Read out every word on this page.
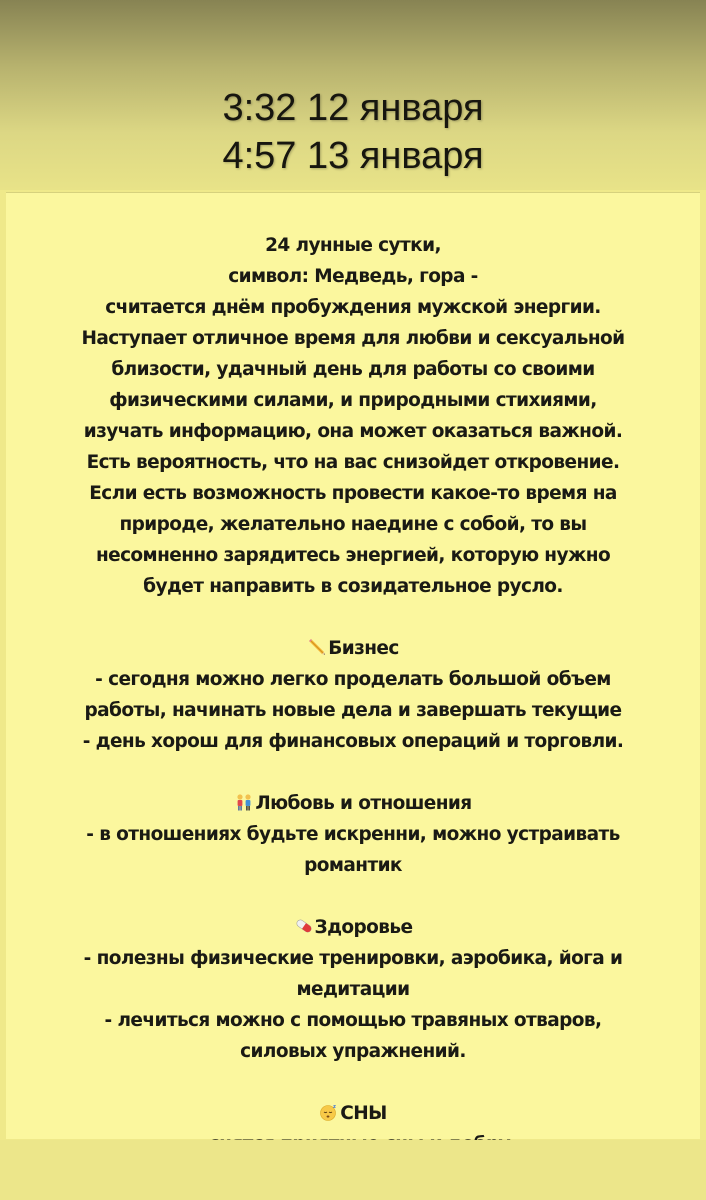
3:32 12 января
4:57 13 января

24 лунные сутки,

символ: Медведь, гора -

считается днём пробуждения мужской энергии.

Наступает отличное время для любви и сексуальной

близости, удачный день для работы со своими

физическими силами, и природными стихиями,

изучать информацию, она может оказаться важной.

Есть вероятность, что на вас снизойдет откровение.

Если есть возможность провести какое-то время на

природе, желательно наедине с собой, то вы

несомненно зарядитесь энергией, которую нужно

будет направить в созидательное русло.

Бизнес

- сегодня можно легко проделать большой объем

работы, начинать новые дела и завершать текущие

- день хорош для финансовых операций и торговли.

Любовь и отношения

- в отношениях будьте искренни, можно устраивать

романтик

Здоровье

- полезны физические тренировки, аэробика, йога и

медитации

- лечиться можно с помощью травяных отваров,

силовых упражнений.

z СНЫ
